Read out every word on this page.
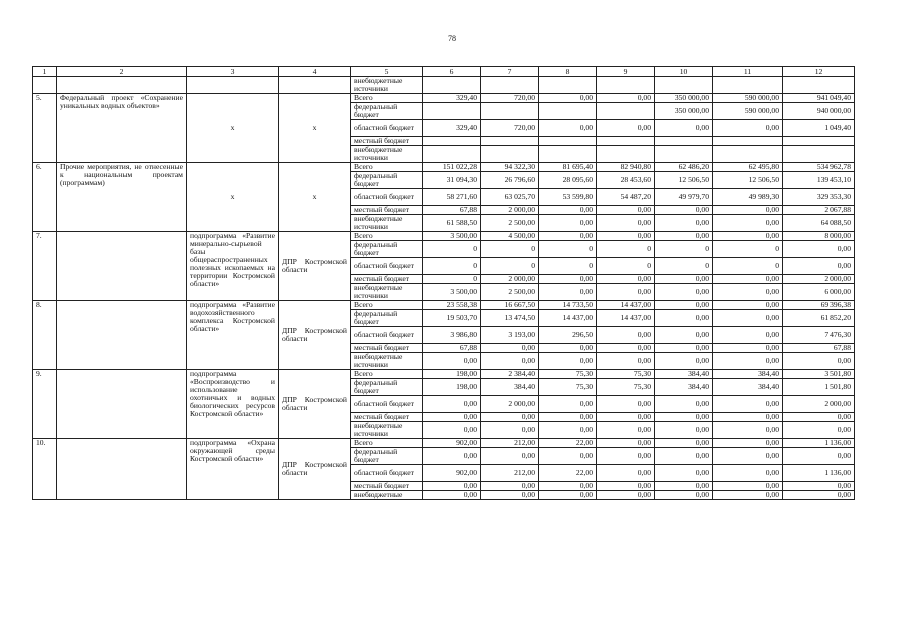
78
1	2	3	4	5	6	7	8	9	10	11	12
				внебюджетные источники							
5.	Федеральный проект «Сохранение уникальных водных объектов»	х	х	Всего	329,40	720,00	0,00	0,00	350 000,00	590 000,00	941 049,40
				федеральный бюджет					350 000,00	590 000,00	940 000,00
				областной бюджет	329,40	720,00	0,00	0,00	0,00	0,00	1 049,40
				местный бюджет							
				внебюджетные источники							
6.	Прочие мероприятия, не отнесенные к национальным проектам (программам)	х	х	Всего	151 022,28	94 322,30	81 695,40	82 940,80	62 486,20	62 495,80	534 962,78
				федеральный бюджет	31 094,30	26 796,60	28 095,60	28 453,60	12 506,50	12 506,50	139 453,10
				областной бюджет	58 271,60	63 025,70	53 599,80	54 487,20	49 979,70	49 989,30	329 353,30
				местный бюджет	67,88	2 000,00	0,00	0,00	0,00	0,00	2 067,88
				внебюджетные источники	61 588,50	2 500,00	0,00	0,00	0,00	0,00	64 088,50
7.		подпрограмма «Развитие минерально-сырьевой базы общераспространенных полезных ископаемых на территории Костромской области»	ДПР Костромской области	Всего	3 500,00	4 500,00	0,00	0,00	0,00	0,00	8 000,00
				федеральный бюджет	0	0	0	0	0	0	0,00
				областной бюджет	0	0	0	0	0	0	0,00
				местный бюджет	0	2 000,00	0,00	0,00	0,00	0,00	2 000,00
				внебюджетные источники	3 500,00	2 500,00	0,00	0,00	0,00	0,00	6 000,00
8.		подпрограмма «Развитие водохозяйственного комплекса Костромской области»	ДПР Костромской области	Всего	23 558,38	16 667,50	14 733,50	14 437,00	0,00	0,00	69 396,38
				федеральный бюджет	19 503,70	13 474,50	14 437,00	14 437,00	0,00	0,00	61 852,20
				областной бюджет	3 986,80	3 193,00	296,50	0,00	0,00	0,00	7 476,30
				местный бюджет	67,88	0,00	0,00	0,00	0,00	0,00	67,88
				внебюджетные источники	0,00	0,00	0,00	0,00	0,00	0,00	0,00
9.		подпрограмма «Воспроизводство и использование охотничьих и водных биологических ресурсов Костромской области»	ДПР Костромской области	Всего	198,00	2 384,40	75,30	75,30	384,40	384,40	3 501,80
				федеральный бюджет	198,00	384,40	75,30	75,30	384,40	384,40	1 501,80
				областной бюджет	0,00	2 000,00	0,00	0,00	0,00	0,00	2 000,00
				местный бюджет	0,00	0,00	0,00	0,00	0,00	0,00	0,00
				внебюджетные источники	0,00	0,00	0,00	0,00	0,00	0,00	0,00
10.		подпрограмма «Охрана окружающей среды Костромской области»	ДПР Костромской области	Всего	902,00	212,00	22,00	0,00	0,00	0,00	1 136,00
				федеральный бюджет	0,00	0,00	0,00	0,00	0,00	0,00	0,00
				областной бюджет	902,00	212,00	22,00	0,00	0,00	0,00	1 136,00
				местный бюджет	0,00	0,00	0,00	0,00	0,00	0,00	0,00
				внебюджетные	0,00	0,00	0,00	0,00	0,00	0,00	0,00
